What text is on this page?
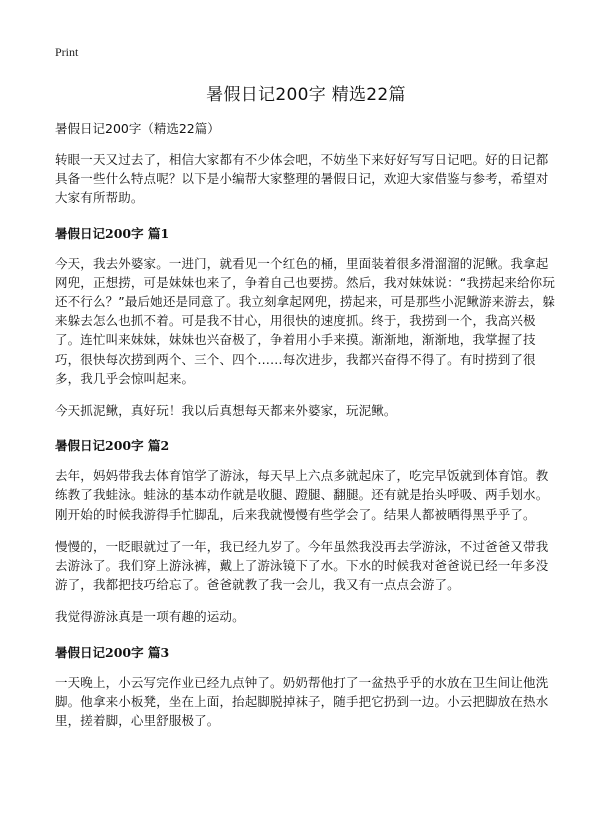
Print
暑假日记200字 精选22篇
暑假日记200字（精选22篇）

转眼一天又过去了，相信大家都有不少体会吧，不妨坐下来好好写写日记吧。好的日记都具备一些什么特点呢？以下是小编帮大家整理的暑假日记，欢迎大家借鉴与参考，希望对大家有所帮助。

暑假日记200字 篇1

今天，我去外婆家。一进门，就看见一个红色的桶，里面装着很多滑溜溜的泥鳅。我拿起网兜，正想捞，可是妹妹也来了，争着自己也要捞。然后，我对妹妹说：“我捞起来给你玩还不行么？”最后她还是同意了。我立刻拿起网兜，捞起来，可是那些小泥鳅游来游去，躲来躲去怎么也抓不着。可是我不甘心，用很快的速度抓。终于，我捞到一个，我高兴极了。连忙叫来妹妹，妹妹也兴奋极了，争着用小手来摸。渐渐地，渐渐地，我掌握了技巧，很快每次捞到两个、三个、四个……每次进步，我都兴奋得不得了。有时捞到了很多，我几乎会惊叫起来。

今天抓泥鳅，真好玩！我以后真想每天都来外婆家，玩泥鳅。

暑假日记200字 篇2

去年，妈妈带我去体育馆学了游泳，每天早上六点多就起床了，吃完早饭就到体育馆。教练教了我蛙泳。蛙泳的基本动作就是收腿、蹬腿、翻腿。还有就是抬头呼吸、两手划水。刚开始的时候我游得手忙脚乱，后来我就慢慢有些学会了。结果人都被晒得黑乎乎了。

慢慢的，一眨眼就过了一年，我已经九岁了。今年虽然我没再去学游泳，不过爸爸又带我去游泳了。我们穿上游泳裤，戴上了游泳镜下了水。下水的时候我对爸爸说已经一年多没游了，我都把技巧给忘了。爸爸就教了我一会儿，我又有一点点会游了。

我觉得游泳真是一项有趣的运动。

暑假日记200字 篇3

一天晚上，小云写完作业已经九点钟了。奶奶帮他打了一盆热乎乎的水放在卫生间让他洗脚。他拿来小板凳，坐在上面，抬起脚脱掉袜子，随手把它扔到一边。小云把脚放在热水里，搓着脚，心里舒服极了。
